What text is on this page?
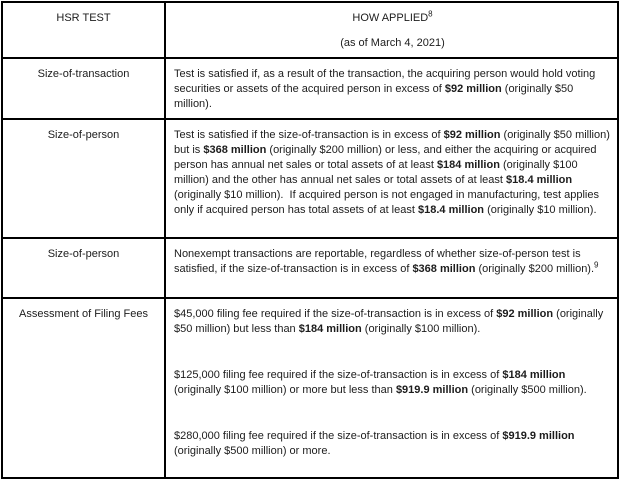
HSR TEST	HOW APPLIED$^8$

(as of March 4, 2021)

Size-of-transaction	Test is satisfied if, as a result of the transaction, the acquiring person would hold voting securities or assets of the acquired person in excess of $92 million (originally $50 million).

Size-of-person	Test is satisfied if the size-of-transaction is in excess of $92 million (originally $50 million) but is $368 million (originally $200 million) or less, and either the acquiring or acquired person has annual net sales or total assets of at least $184 million (originally $100 million) and the other has annual net sales or total assets of at least $18.4 million (originally $10 million).  If acquired person is not engaged in manufacturing, test applies only if acquired person has total assets of at least $18.4 million (originally $10 million).

Size-of-person	Nonexempt transactions are reportable, regardless of whether size-of-person test is satisfied, if the size-of-transaction is in excess of $368 million (originally $200 million).$^9$

Assessment of Filing Fees	$45,000 filing fee required if the size-of-transaction is in excess of $92 million (originally $50 million) but less than $184 million (originally $100 million).

$125,000 filing fee required if the size-of-transaction is in excess of $184 million (originally $100 million) or more but less than $919.9 million (originally $500 million).

$280,000 filing fee required if the size-of-transaction is in excess of $919.9 million (originally $500 million) or more.
